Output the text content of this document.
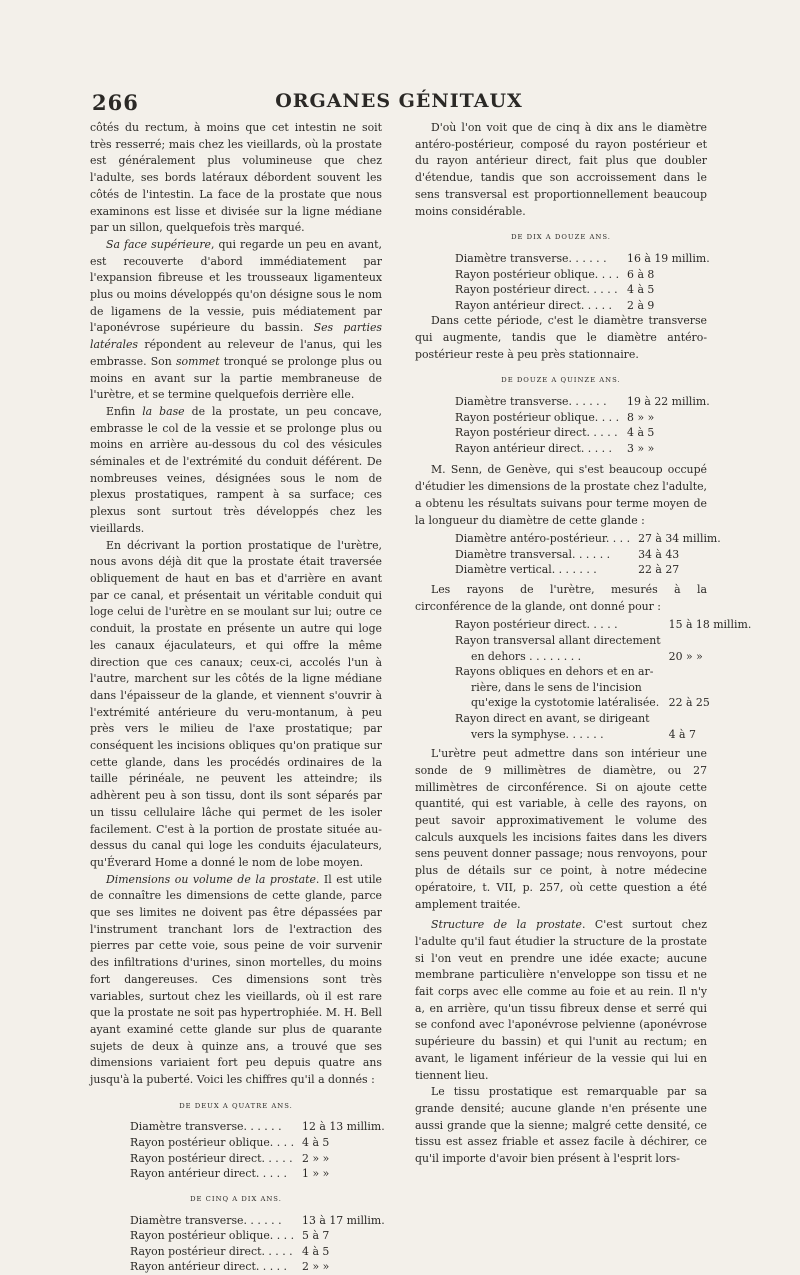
266	ORGANES GÉNITAUX

côtés du rectum, à moins que cet intestin ne soit très resserré; mais chez les vieillards, où la prostate est généralement plus volumineuse que chez l'adulte, ses bords latéraux débordent souvent les côtés de l'intestin. La face de la prostate que nous examinons est lisse et divisée sur la ligne médiane par un sillon, quelquefois très marqué.

Sa face supérieure, qui regarde un peu en avant, est recouverte d'abord immédiatement par l'expansion fibreuse et les trousseaux ligamenteux plus ou moins développés qu'on désigne sous le nom de ligamens de la vessie, puis médiatement par l'aponévrose supérieure du bassin. Ses parties latérales répondent au releveur de l'anus, qui les embrasse. Son sommet tronqué se prolonge plus ou moins en avant sur la partie membraneuse de l'urètre, et se termine quelquefois derrière elle.

Enfin la base de la prostate, un peu concave, embrasse le col de la vessie et se prolonge plus ou moins en arrière au-dessous du col des vésicules séminales et de l'extrémité du conduit déférent. De nombreuses veines, désignées sous le nom de plexus prostatiques, rampent à sa surface; ces plexus sont surtout très développés chez les vieillards.

En décrivant la portion prostatique de l'urètre, nous avons déjà dit que la prostate était traversée obliquement de haut en bas et d'arrière en avant par ce canal, et présentait un véritable conduit qui loge celui de l'urètre en se moulant sur lui; outre ce conduit, la prostate en présente un autre qui loge les canaux éjaculateurs, et qui offre la même direction que ces canaux; ceux-ci, accolés l'un à l'autre, marchent sur les côtés de la ligne médiane dans l'épaisseur de la glande, et viennent s'ouvrir à l'extrémité antérieure du veru-montanum, à peu près vers le milieu de l'axe prostatique; par conséquent les incisions obliques qu'on pratique sur cette glande, dans les procédés ordinaires de la taille périnéale, ne peuvent les atteindre; ils adhèrent peu à son tissu, dont ils sont séparés par un tissu cellulaire lâche qui permet de les isoler facilement. C'est à la portion de prostate située au-dessus du canal qui loge les conduits éjaculateurs, qu'Éverard Home a donné le nom de lobe moyen.

Dimensions ou volume de la prostate. Il est utile de connaître les dimensions de cette glande, parce que ses limites ne doivent pas être dépassées par l'instrument tranchant lors de l'extraction des pierres par cette voie, sous peine de voir survenir des infiltrations d'urines, sinon mortelles, du moins fort dangereuses. Ces dimensions sont très variables, surtout chez les vieillards, où il est rare que la prostate ne soit pas hypertrophiée. M. H. Bell ayant examiné cette glande sur plus de quarante sujets de deux à quinze ans, a trouvé que ses dimensions variaient fort peu depuis quatre ans jusqu'à la puberté. Voici les chiffres qu'il a donnés :

DE DEUX A QUATRE ANS.
Diamètre transverse. . . . . .	12 à 13 millim.
Rayon postérieur oblique. . . .	4 à 5
Rayon postérieur direct. . . . .	2 » »
Rayon antérieur direct. . . . .	1 » »
DE CINQ A DIX ANS.
Diamètre transverse. . . . . .	13 à 17 millim.
Rayon postérieur oblique. . . .	5 à 7
Rayon postérieur direct. . . . .	4 à 5
Rayon antérieur direct. . . . .	2 » »

D'où l'on voit que de cinq à dix ans le diamètre antéro-postérieur, composé du rayon postérieur et du rayon antérieur direct, fait plus que doubler d'étendue, tandis que son accroissement dans le sens transversal est proportionnellement beaucoup moins considérable.

DE DIX A DOUZE ANS.
Diamètre transverse. . . . . .	16 à 19 millim.
Rayon postérieur oblique. . . .	6 à 8
Rayon postérieur direct. . . . .	4 à 5
Rayon antérieur direct. . . . .	2 à 9

Dans cette période, c'est le diamètre transverse qui augmente, tandis que le diamètre antéro-postérieur reste à peu près stationnaire.

DE DOUZE A QUINZE ANS.
Diamètre transverse. . . . . .	19 à 22 millim.
Rayon postérieur oblique. . . .	8 » »
Rayon postérieur direct. . . . .	4 à 5
Rayon antérieur direct. . . . .	3 » »

M. Senn, de Genève, qui s'est beaucoup occupé d'étudier les dimensions de la prostate chez l'adulte, a obtenu les résultats suivans pour terme moyen de la longueur du diamètre de cette glande :

Diamètre antéro-postérieur. . . .	27 à 34 millim.
Diamètre transversal. . . . . .	34 à 43
Diamètre vertical. . . . . . .	22 à 27

Les rayons de l'urètre, mesurés à la circonférence de la glande, ont donné pour :

Rayon postérieur direct. . . . .	15 à 18 millim.
Rayon transversal allant directement	
en dehors . . . . . . . .	20 » »
Rayons obliques en dehors et en ar-	
rière, dans le sens de l'incision	
qu'exige la cystotomie latéralisée.	22 à 25
Rayon direct en avant, se dirigeant	
vers la symphyse. . . . . .	4 à 7

L'urètre peut admettre dans son intérieur une sonde de 9 millimètres de diamètre, ou 27 millimètres de circonférence. Si on ajoute cette quantité, qui est variable, à celle des rayons, on peut savoir approximativement le volume des calculs auxquels les incisions faites dans les divers sens peuvent donner passage; nous renvoyons, pour plus de détails sur ce point, à notre médecine opératoire, t. VII, p. 257, où cette question a été amplement traitée.

Structure de la prostate. C'est surtout chez l'adulte qu'il faut étudier la structure de la prostate si l'on veut en prendre une idée exacte; aucune membrane particulière n'enveloppe son tissu et ne fait corps avec elle comme au foie et au rein. Il n'y a, en arrière, qu'un tissu fibreux dense et serré qui se confond avec l'aponévrose pelvienne (aponévrose supérieure du bassin) et qui l'unit au rectum; en avant, le ligament inférieur de la vessie qui lui en tiennent lieu.

Le tissu prostatique est remarquable par sa grande densité; aucune glande n'en présente une aussi grande que la sienne; malgré cette densité, ce tissu est assez friable et assez facile à déchirer, ce qu'il importe d'avoir bien présent à l'esprit lors-
